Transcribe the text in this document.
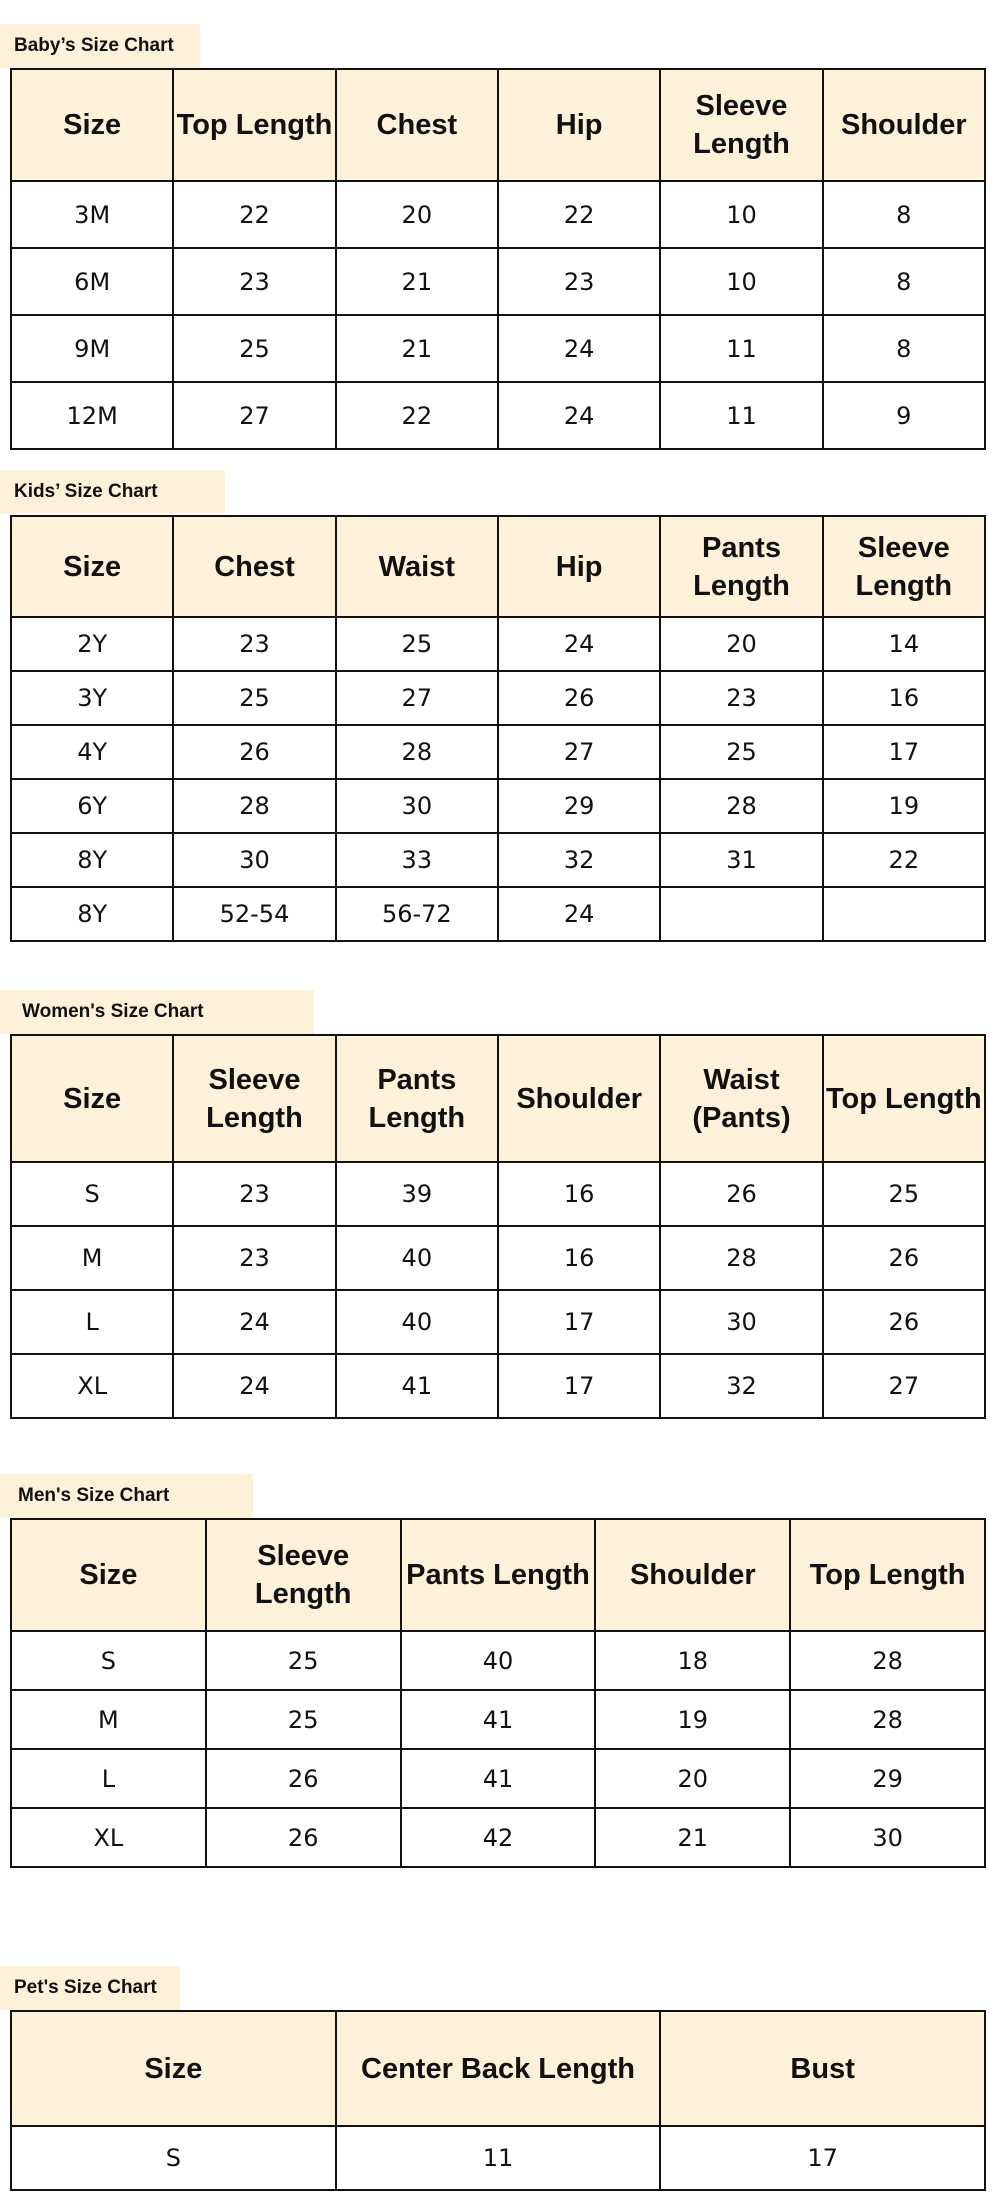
Baby’s Size Chart
Size	Top Length	Chest	Hip	Sleeve Length	Shoulder
3M	22	20	22	10	8
6M	23	21	23	10	8
9M	25	21	24	11	8
12M	27	22	24	11	9
Kids’ Size Chart
Size	Chest	Waist	Hip	Pants Length	Sleeve Length
2Y	23	25	24	20	14
3Y	25	27	26	23	16
4Y	26	28	27	25	17
6Y	28	30	29	28	19
8Y	30	33	32	31	22
8Y	52-54	56-72	24		
Women's Size Chart
Size	Sleeve Length	Pants Length	Shoulder	Waist (Pants)	Top Length
S	23	39	16	26	25
M	23	40	16	28	26
L	24	40	17	30	26
XL	24	41	17	32	27
Men's Size Chart
Size	Sleeve Length	Pants Length	Shoulder	Top Length
S	25	40	18	28
M	25	41	19	28
L	26	41	20	29
XL	26	42	21	30
Pet's Size Chart
Size	Center Back Length	Bust
S	11	17
